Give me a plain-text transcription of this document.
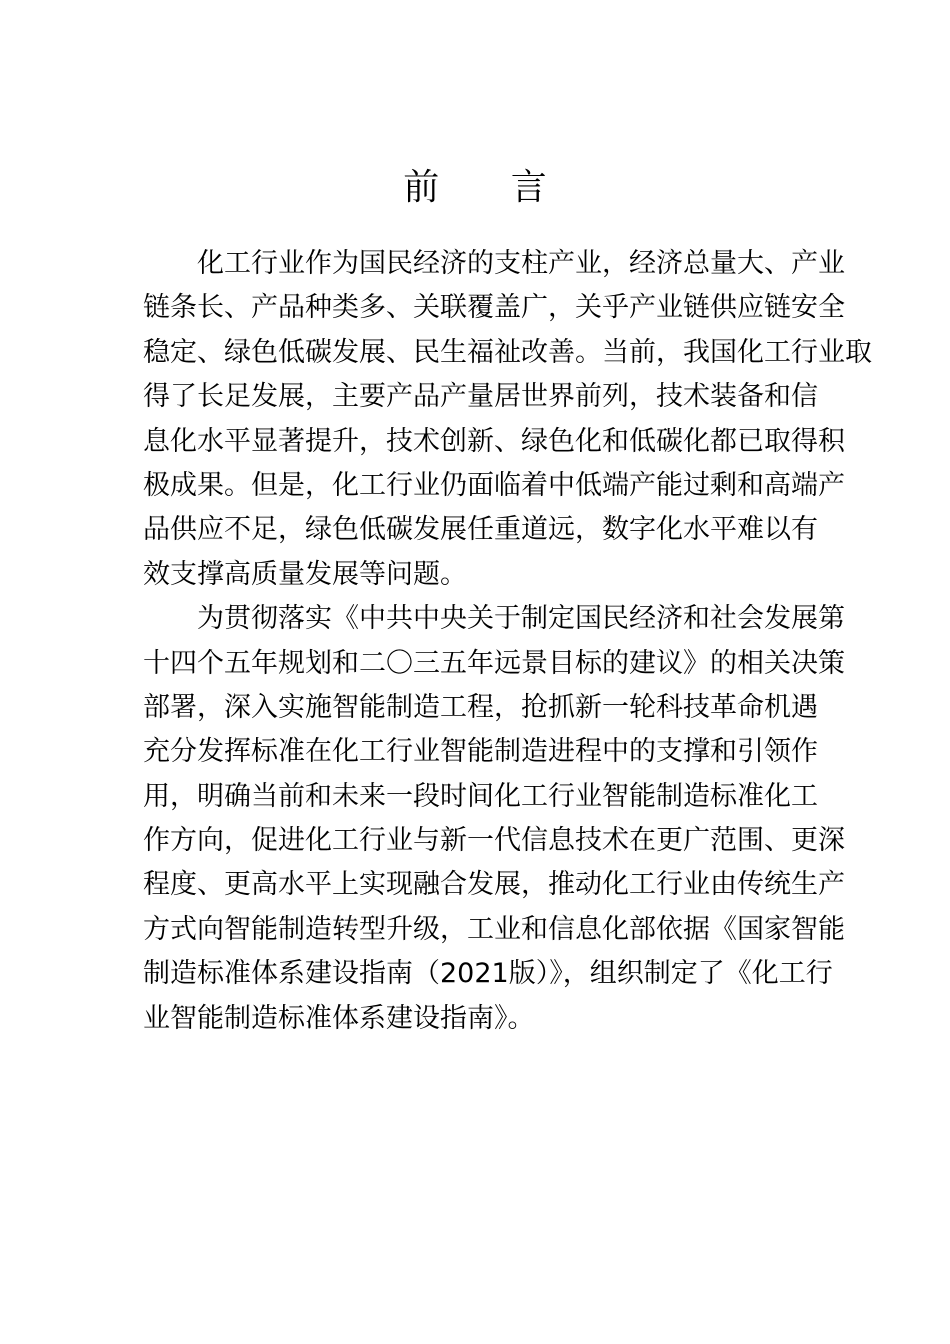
前 言
化工行业作为国民经济的支柱产业，经济总量大、产业
链条长、产品种类多、关联覆盖广，关乎产业链供应链安全
稳定、绿色低碳发展、民生福祉改善。当前，我国化工行业取
得了长足发展，主要产品产量居世界前列，技术装备和信
息化水平显著提升，技术创新、绿色化和低碳化都已取得积
极成果。但是，化工行业仍面临着中低端产能过剩和高端产
品供应不足，绿色低碳发展任重道远，数字化水平难以有
效支撑高质量发展等问题。
为贯彻落实《中共中央关于制定国民经济和社会发展第
十四个五年规划和二〇三五年远景目标的建议》的相关决策
部署，深入实施智能制造工程，抢抓新一轮科技革命机遇
充分发挥标准在化工行业智能制造进程中的支撑和引领作
用，明确当前和未来一段时间化工行业智能制造标准化工
作方向，促进化工行业与新一代信息技术在更广范围、更深
程度、更高水平上实现融合发展，推动化工行业由传统生产
方式向智能制造转型升级，工业和信息化部依据《国家智能
制造标准体系建设指南（2021版）》，组织制定了《化工行
业智能制造标准体系建设指南》。
